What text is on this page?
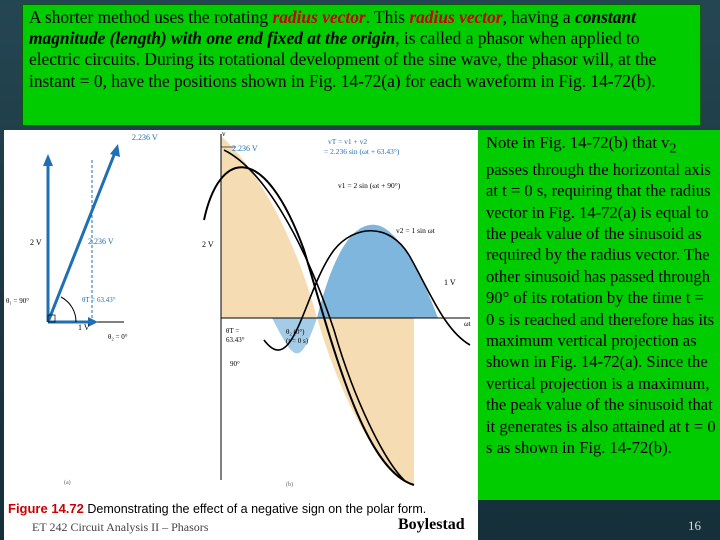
A shorter method uses the rotating radius vector. This radius vector, having a constant magnitude (length) with one end fixed at the origin, is called a phasor when applied to electric circuits. During its rotational development of the sine wave, the phasor will, at the instant = 0, have the positions shown in Fig. 14-72(a) for each waveform in Fig. 14-72(b).
2.236 V
2.236 V
2 V
θ₁ = 90°	θT = 63.43°
1 V
θ₂ = 0°
(a)
v
2.236 V
vT = v1 + v2
= 2.236 sin (ωt + 63.43°)
v1 = 2 sin (ωt + 90°)
v2 = 1 sin ωt
2 V
1 V
ωt
θT =
63.43°
θ₂ (0°)
(t = 0 s)
90°
(b)
Note in Fig. 14-72(b) that $v_2$ passes through the horizontal axis at t = 0 s, requiring that the radius vector in Fig. 14-72(a) is equal to the peak value of the sinusoid as required by the radius vector. The other sinusoid has passed through 90° of its rotation by the time t = 0 s is reached and therefore has its maximum vertical projection as shown in Fig. 14-72(a). Since the vertical projection is a maximum, the peak value of the sinusoid that it generates is also attained at t = 0 s as shown in Fig. 14-72(b).
Figure 14.72 Demonstrating the effect of a negative sign on the polar form.
ET 242 Circuit Analysis II – Phasors	Boylestad	16
